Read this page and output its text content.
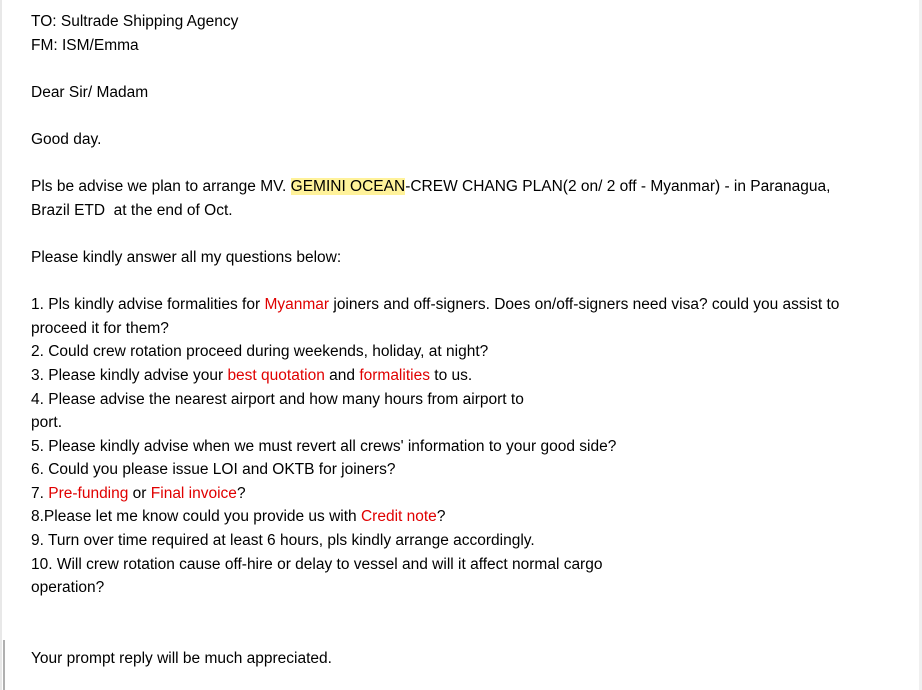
TO: Sultrade Shipping Agency
FM: ISM/Emma
Dear Sir/ Madam
Good day.
Pls be advise we plan to arrange MV. GEMINI OCEAN-CREW CHANG PLAN(2 on/ 2 off - Myanmar) - in Paranagua,
Brazil ETD  at the end of Oct.
Please kindly answer all my questions below:
1. Pls kindly advise formalities for Myanmar joiners and off-signers. Does on/off-signers need visa? could you assist to
proceed it for them?
2. Could crew rotation proceed during weekends, holiday, at night?
3. Please kindly advise your best quotation and formalities to us.
4. Please advise the nearest airport and how many hours from airport to
port.
5. Please kindly advise when we must revert all crews' information to your good side?
6. Could you please issue LOI and OKTB for joiners?
7. Pre-funding or Final invoice?
8.Please let me know could you provide us with Credit note?
9. Turn over time required at least 6 hours, pls kindly arrange accordingly.
10. Will crew rotation cause off-hire or delay to vessel and will it affect normal cargo
operation?
Your prompt reply will be much appreciated.
